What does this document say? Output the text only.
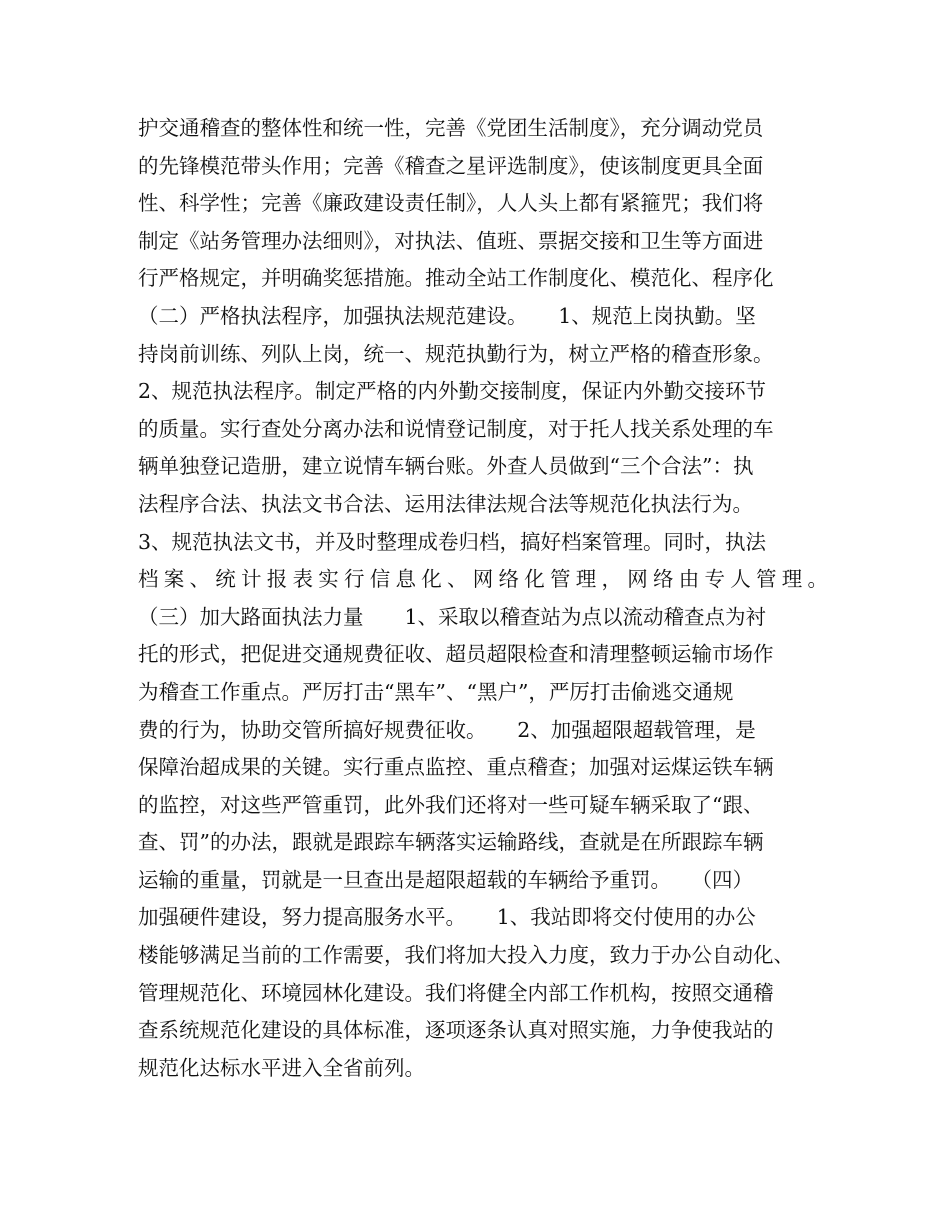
护交通稽查的整体性和统一性，完善《党团生活制度》，充分调动党员
的先锋模范带头作用；完善《稽查之星评选制度》，使该制度更具全面
性、科学性；完善《廉政建设责任制》，人人头上都有紧箍咒；我们将
制定《站务管理办法细则》，对执法、值班、票据交接和卫生等方面进
行严格规定，并明确奖惩措施。推动全站工作制度化、模范化、程序化
（二）严格执法程序，加强执法规范建设。　　1、规范上岗执勤。坚
持岗前训练、列队上岗，统一、规范执勤行为，树立严格的稽查形象。
2、规范执法程序。制定严格的内外勤交接制度，保证内外勤交接环节
的质量。实行查处分离办法和说情登记制度，对于托人找关系处理的车
辆单独登记造册，建立说情车辆台账。外查人员做到“三个合法”：执
法程序合法、执法文书合法、运用法律法规合法等规范化执法行为。
3、规范执法文书，并及时整理成卷归档，搞好档案管理。同时，执法
档案、统计报表实行信息化、网络化管理，网络由专人管理。
（三）加大路面执法力量　　1、采取以稽查站为点以流动稽查点为衬
托的形式，把促进交通规费征收、超员超限检查和清理整顿运输市场作
为稽查工作重点。严厉打击“黑车”、“黑户”，严厉打击偷逃交通规
费的行为，协助交管所搞好规费征收。　　2、加强超限超载管理，是
保障治超成果的关键。实行重点监控、重点稽查；加强对运煤运铁车辆
的监控，对这些严管重罚，此外我们还将对一些可疑车辆采取了“跟、
查、罚”的办法，跟就是跟踪车辆落实运输路线，查就是在所跟踪车辆
运输的重量，罚就是一旦查出是超限超载的车辆给予重罚。　　（四）
加强硬件建设，努力提高服务水平。　　1、我站即将交付使用的办公
楼能够满足当前的工作需要，我们将加大投入力度，致力于办公自动化、
管理规范化、环境园林化建设。我们将健全内部工作机构，按照交通稽
查系统规范化建设的具体标准，逐项逐条认真对照实施，力争使我站的
规范化达标水平进入全省前列。
